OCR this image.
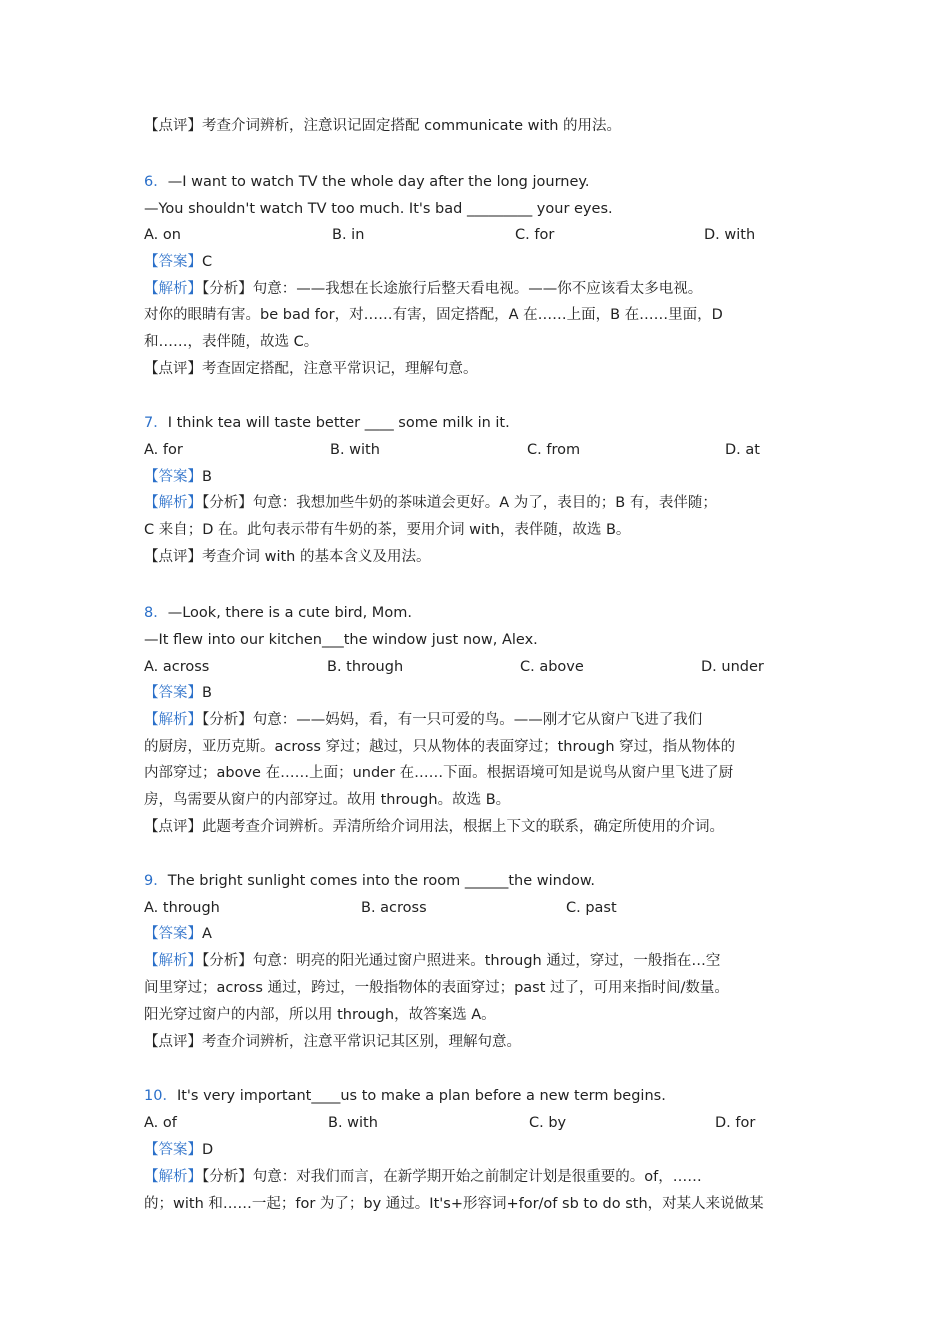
【点评】考查介词辨析，注意识记固定搭配 communicate with 的用法。
6．—I want to watch TV the whole day after the long journey.
—You shouldn't watch TV too much. It's bad _________ your eyes.
A. on	B. in	C. for	D. with
【答案】C
【解析】【分析】句意：——我想在长途旅行后整天看电视。——你不应该看太多电视。
对你的眼睛有害。be bad for，对……有害，固定搭配，A 在……上面，B 在……里面，D
和……，表伴随，故选 C。
【点评】考查固定搭配，注意平常识记，理解句意。
7．I think tea will taste better ____ some milk in it.
A. for	B. with	C. from	D. at
【答案】B
【解析】【分析】句意：我想加些牛奶的茶味道会更好。A 为了，表目的；B 有，表伴随；
C 来自；D 在。此句表示带有牛奶的茶，要用介词 with，表伴随，故选 B。
【点评】考查介词 with 的基本含义及用法。
8．—Look, there is a cute bird, Mom.
—It flew into our kitchen___the window just now, Alex.
A. across	B. through	C. above	D. under
【答案】B
【解析】【分析】句意：——妈妈，看，有一只可爱的鸟。——刚才它从窗户飞进了我们
的厨房，亚历克斯。across 穿过；越过，只从物体的表面穿过；through 穿过，指从物体的
内部穿过；above 在……上面；under 在……下面。根据语境可知是说鸟从窗户里飞进了厨
房，鸟需要从窗户的内部穿过。故用 through。故选 B。
【点评】此题考查介词辨析。弄清所给介词用法，根据上下文的联系，确定所使用的介词。
9．The bright sunlight comes into the room ______the window.
A. through	B. across	C. past
【答案】A
【解析】【分析】句意：明亮的阳光通过窗户照进来。through 通过，穿过，一般指在…空
间里穿过；across 通过，跨过，一般指物体的表面穿过；past 过了，可用来指时间/数量。
阳光穿过窗户的内部，所以用 through，故答案选 A。
【点评】考查介词辨析，注意平常识记其区别，理解句意。
10．It's very important____us to make a plan before a new term begins.
A. of	B. with	C. by	D. for
【答案】D
【解析】【分析】句意：对我们而言，在新学期开始之前制定计划是很重要的。of，……
的；with 和……一起；for 为了；by 通过。It's+形容词+for/of sb to do sth，对某人来说做某
